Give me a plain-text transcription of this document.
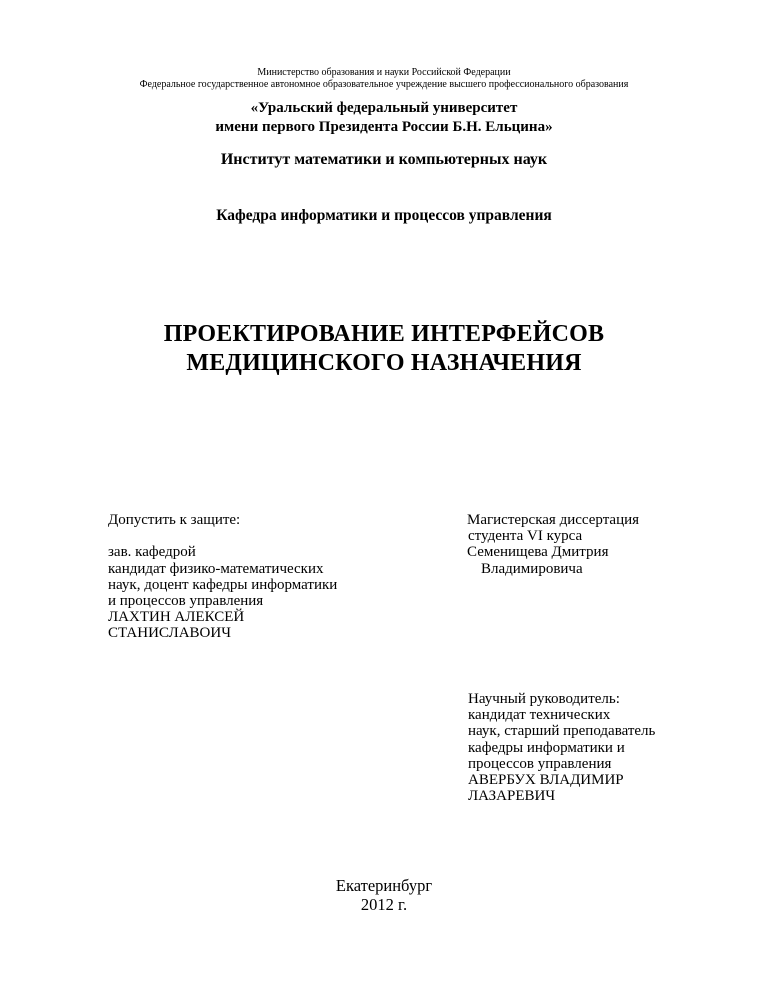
Министерство образования и науки Российской Федерации
Федеральное государственное автономное образовательное учреждение высшего профессионального образования
«Уральский федеральный университет
имени первого Президента России Б.Н. Ельцина»
Институт математики и компьютерных наук
Кафедра информатики и процессов управления
ПРОЕКТИРОВАНИЕ ИНТЕРФЕЙСОВ
МЕДИЦИНСКОГО НАЗНАЧЕНИЯ
Допустить к защите:
зав. кафедрой
кандидат физико-математических
наук, доцент кафедры информатики
и процессов управления
ЛАХТИН АЛЕКСЕЙ
СТАНИСЛАВОИЧ
Магистерская диссертация
студента VI курса
Семенищева Дмитрия
Владимировича
Научный руководитель:
кандидат технических
наук, старший преподаватель
кафедры информатики и
процессов управления
АВЕРБУХ ВЛАДИМИР
ЛАЗАРЕВИЧ
Екатеринбург
2012 г.
